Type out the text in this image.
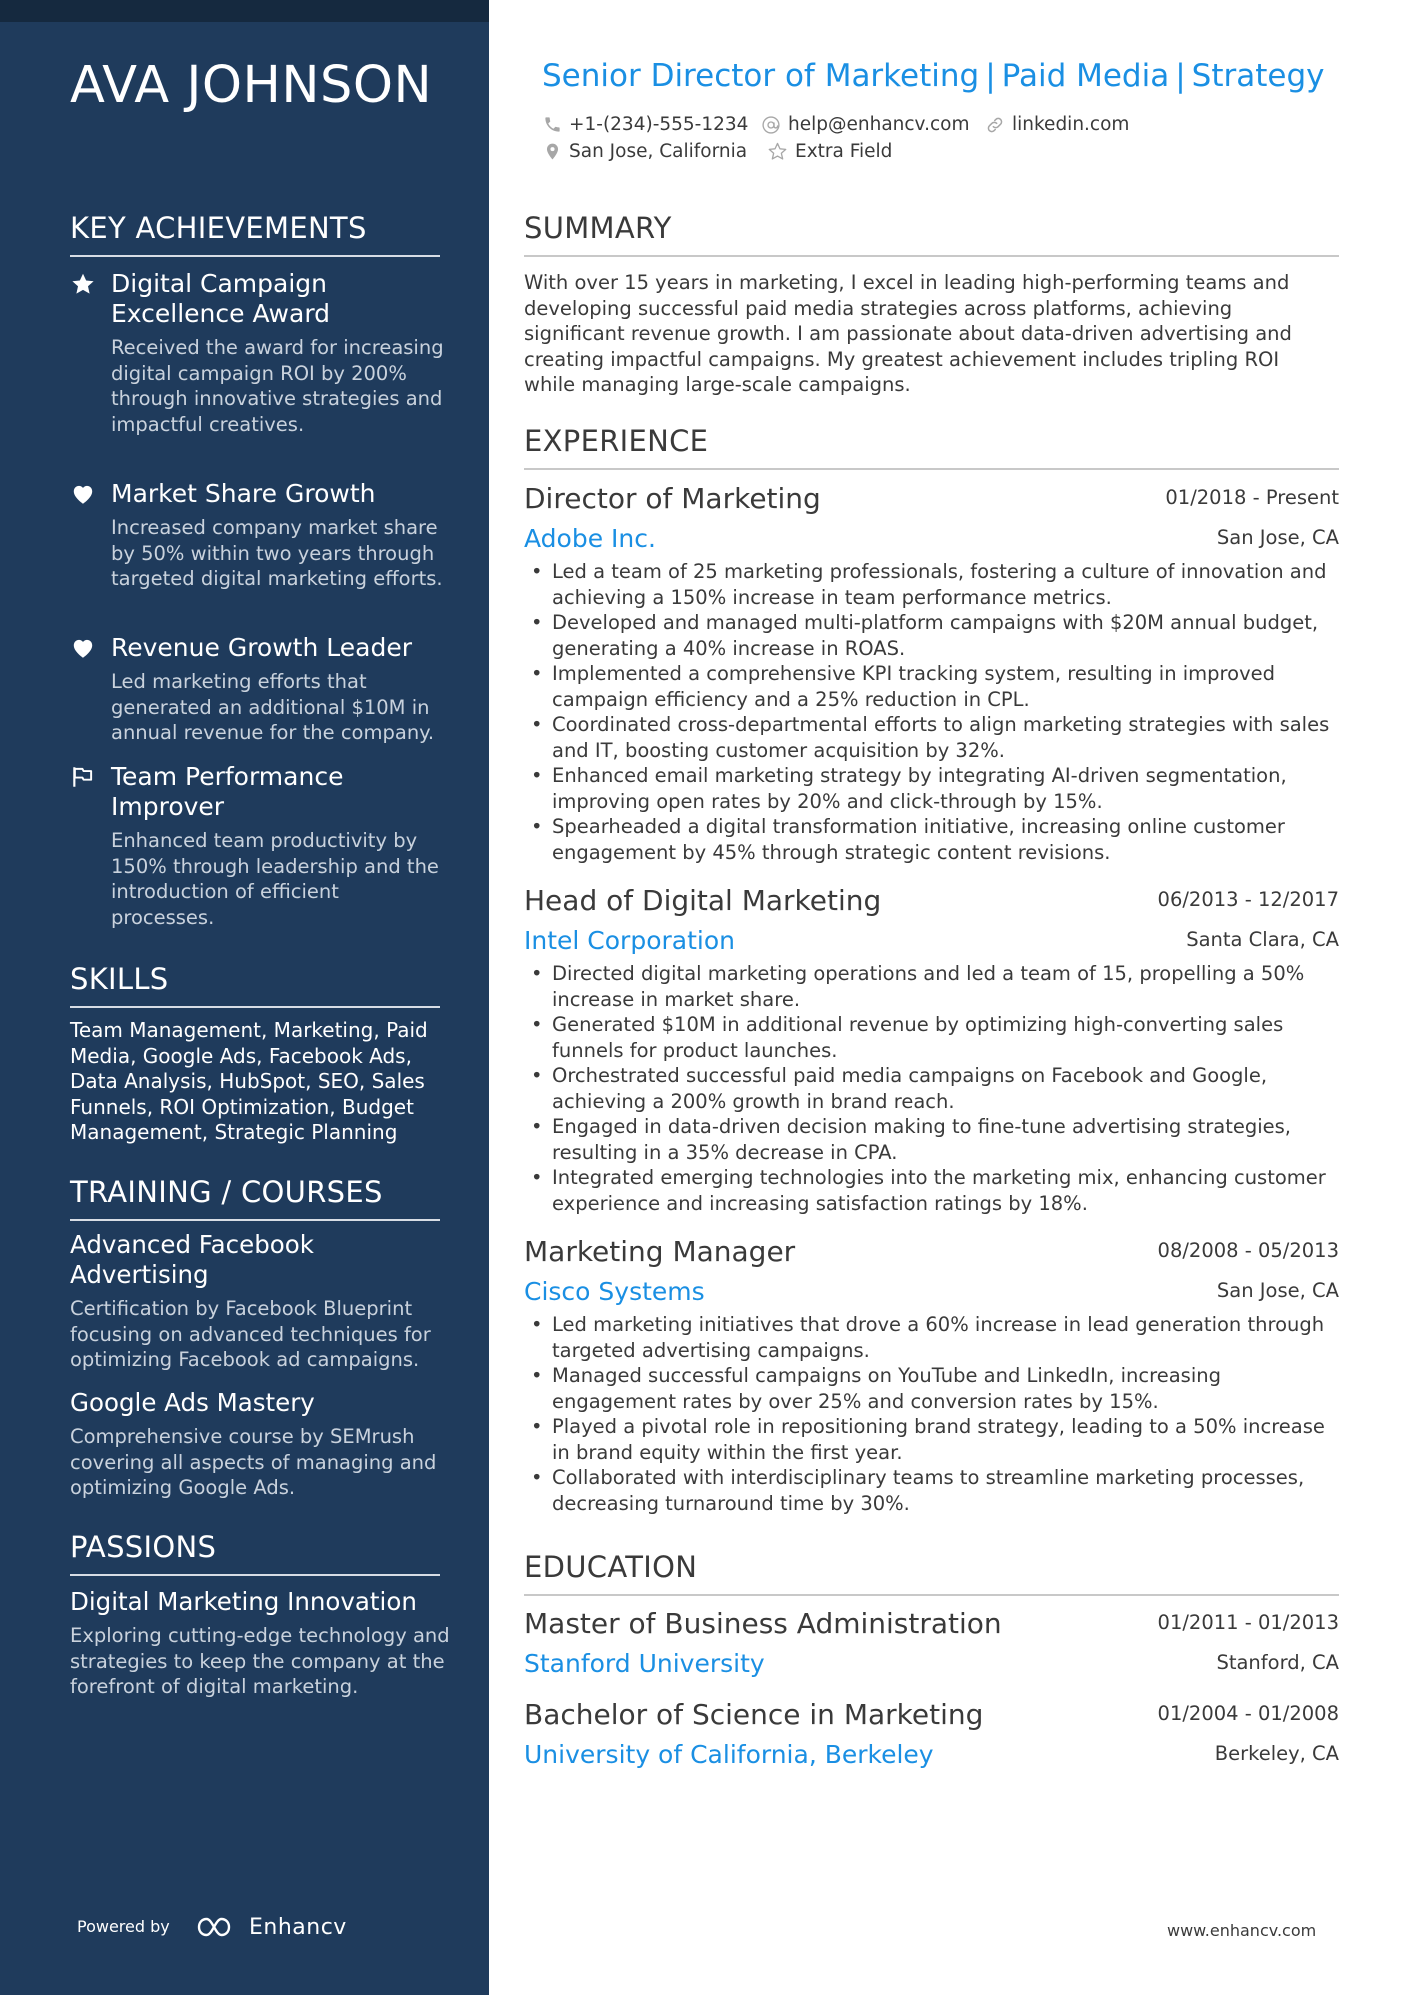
AVA JOHNSON
KEY ACHIEVEMENTS
Digital Campaign Excellence Award
Received the award for increasing digital campaign ROI by 200% through innovative strategies and impactful creatives.
Market Share Growth
Increased company market share by 50% within two years through targeted digital marketing efforts.
Revenue Growth Leader
Led marketing efforts that generated an additional $10M in annual revenue for the company.
Team Performance Improver
Enhanced team productivity by 150% through leadership and the introduction of efficient processes.
SKILLS
Team Management, Marketing, Paid Media, Google Ads, Facebook Ads, Data Analysis, HubSpot, SEO, Sales Funnels, ROI Optimization, Budget Management, Strategic Planning
TRAINING / COURSES
Advanced Facebook Advertising
Certification by Facebook Blueprint focusing on advanced techniques for optimizing Facebook ad campaigns.
Google Ads Mastery
Comprehensive course by SEMrush covering all aspects of managing and optimizing Google Ads.
PASSIONS
Digital Marketing Innovation
Exploring cutting-edge technology and strategies to keep the company at the forefront of digital marketing.
Powered by	Enhancv
Senior Director of Marketing | Paid Media | Strategy
+1-(234)-555-1234 help@enhancv.com linkedin.com
San Jose, California	Extra Field
SUMMARY
With over 15 years in marketing, I excel in leading high-performing teams and developing successful paid media strategies across platforms, achieving significant revenue growth. I am passionate about data-driven advertising and creating impactful campaigns. My greatest achievement includes tripling ROI while managing large-scale campaigns.
EXPERIENCE
Director of Marketing	01/2018 - Present
Adobe Inc.	San Jose, CA
• Led a team of 25 marketing professionals, fostering a culture of innovation and achieving a 150% increase in team performance metrics.
• Developed and managed multi-platform campaigns with $20M annual budget, generating a 40% increase in ROAS.
• Implemented a comprehensive KPI tracking system, resulting in improved campaign efficiency and a 25% reduction in CPL.
• Coordinated cross-departmental efforts to align marketing strategies with sales and IT, boosting customer acquisition by 32%.
• Enhanced email marketing strategy by integrating AI-driven segmentation, improving open rates by 20% and click-through by 15%.
• Spearheaded a digital transformation initiative, increasing online customer engagement by 45% through strategic content revisions.
Head of Digital Marketing	06/2013 - 12/2017
Intel Corporation	Santa Clara, CA
• Directed digital marketing operations and led a team of 15, propelling a 50% increase in market share.
• Generated $10M in additional revenue by optimizing high-converting sales funnels for product launches.
• Orchestrated successful paid media campaigns on Facebook and Google, achieving a 200% growth in brand reach.
• Engaged in data-driven decision making to fine-tune advertising strategies, resulting in a 35% decrease in CPA.
• Integrated emerging technologies into the marketing mix, enhancing customer experience and increasing satisfaction ratings by 18%.
Marketing Manager	08/2008 - 05/2013
Cisco Systems	San Jose, CA
• Led marketing initiatives that drove a 60% increase in lead generation through targeted advertising campaigns.
• Managed successful campaigns on YouTube and LinkedIn, increasing engagement rates by over 25% and conversion rates by 15%.
• Played a pivotal role in repositioning brand strategy, leading to a 50% increase in brand equity within the first year.
• Collaborated with interdisciplinary teams to streamline marketing processes, decreasing turnaround time by 30%.
EDUCATION
Master of Business Administration	01/2011 - 01/2013
Stanford University	Stanford, CA
Bachelor of Science in Marketing	01/2004 - 01/2008
University of California, Berkeley	Berkeley, CA
www.enhancv.com
